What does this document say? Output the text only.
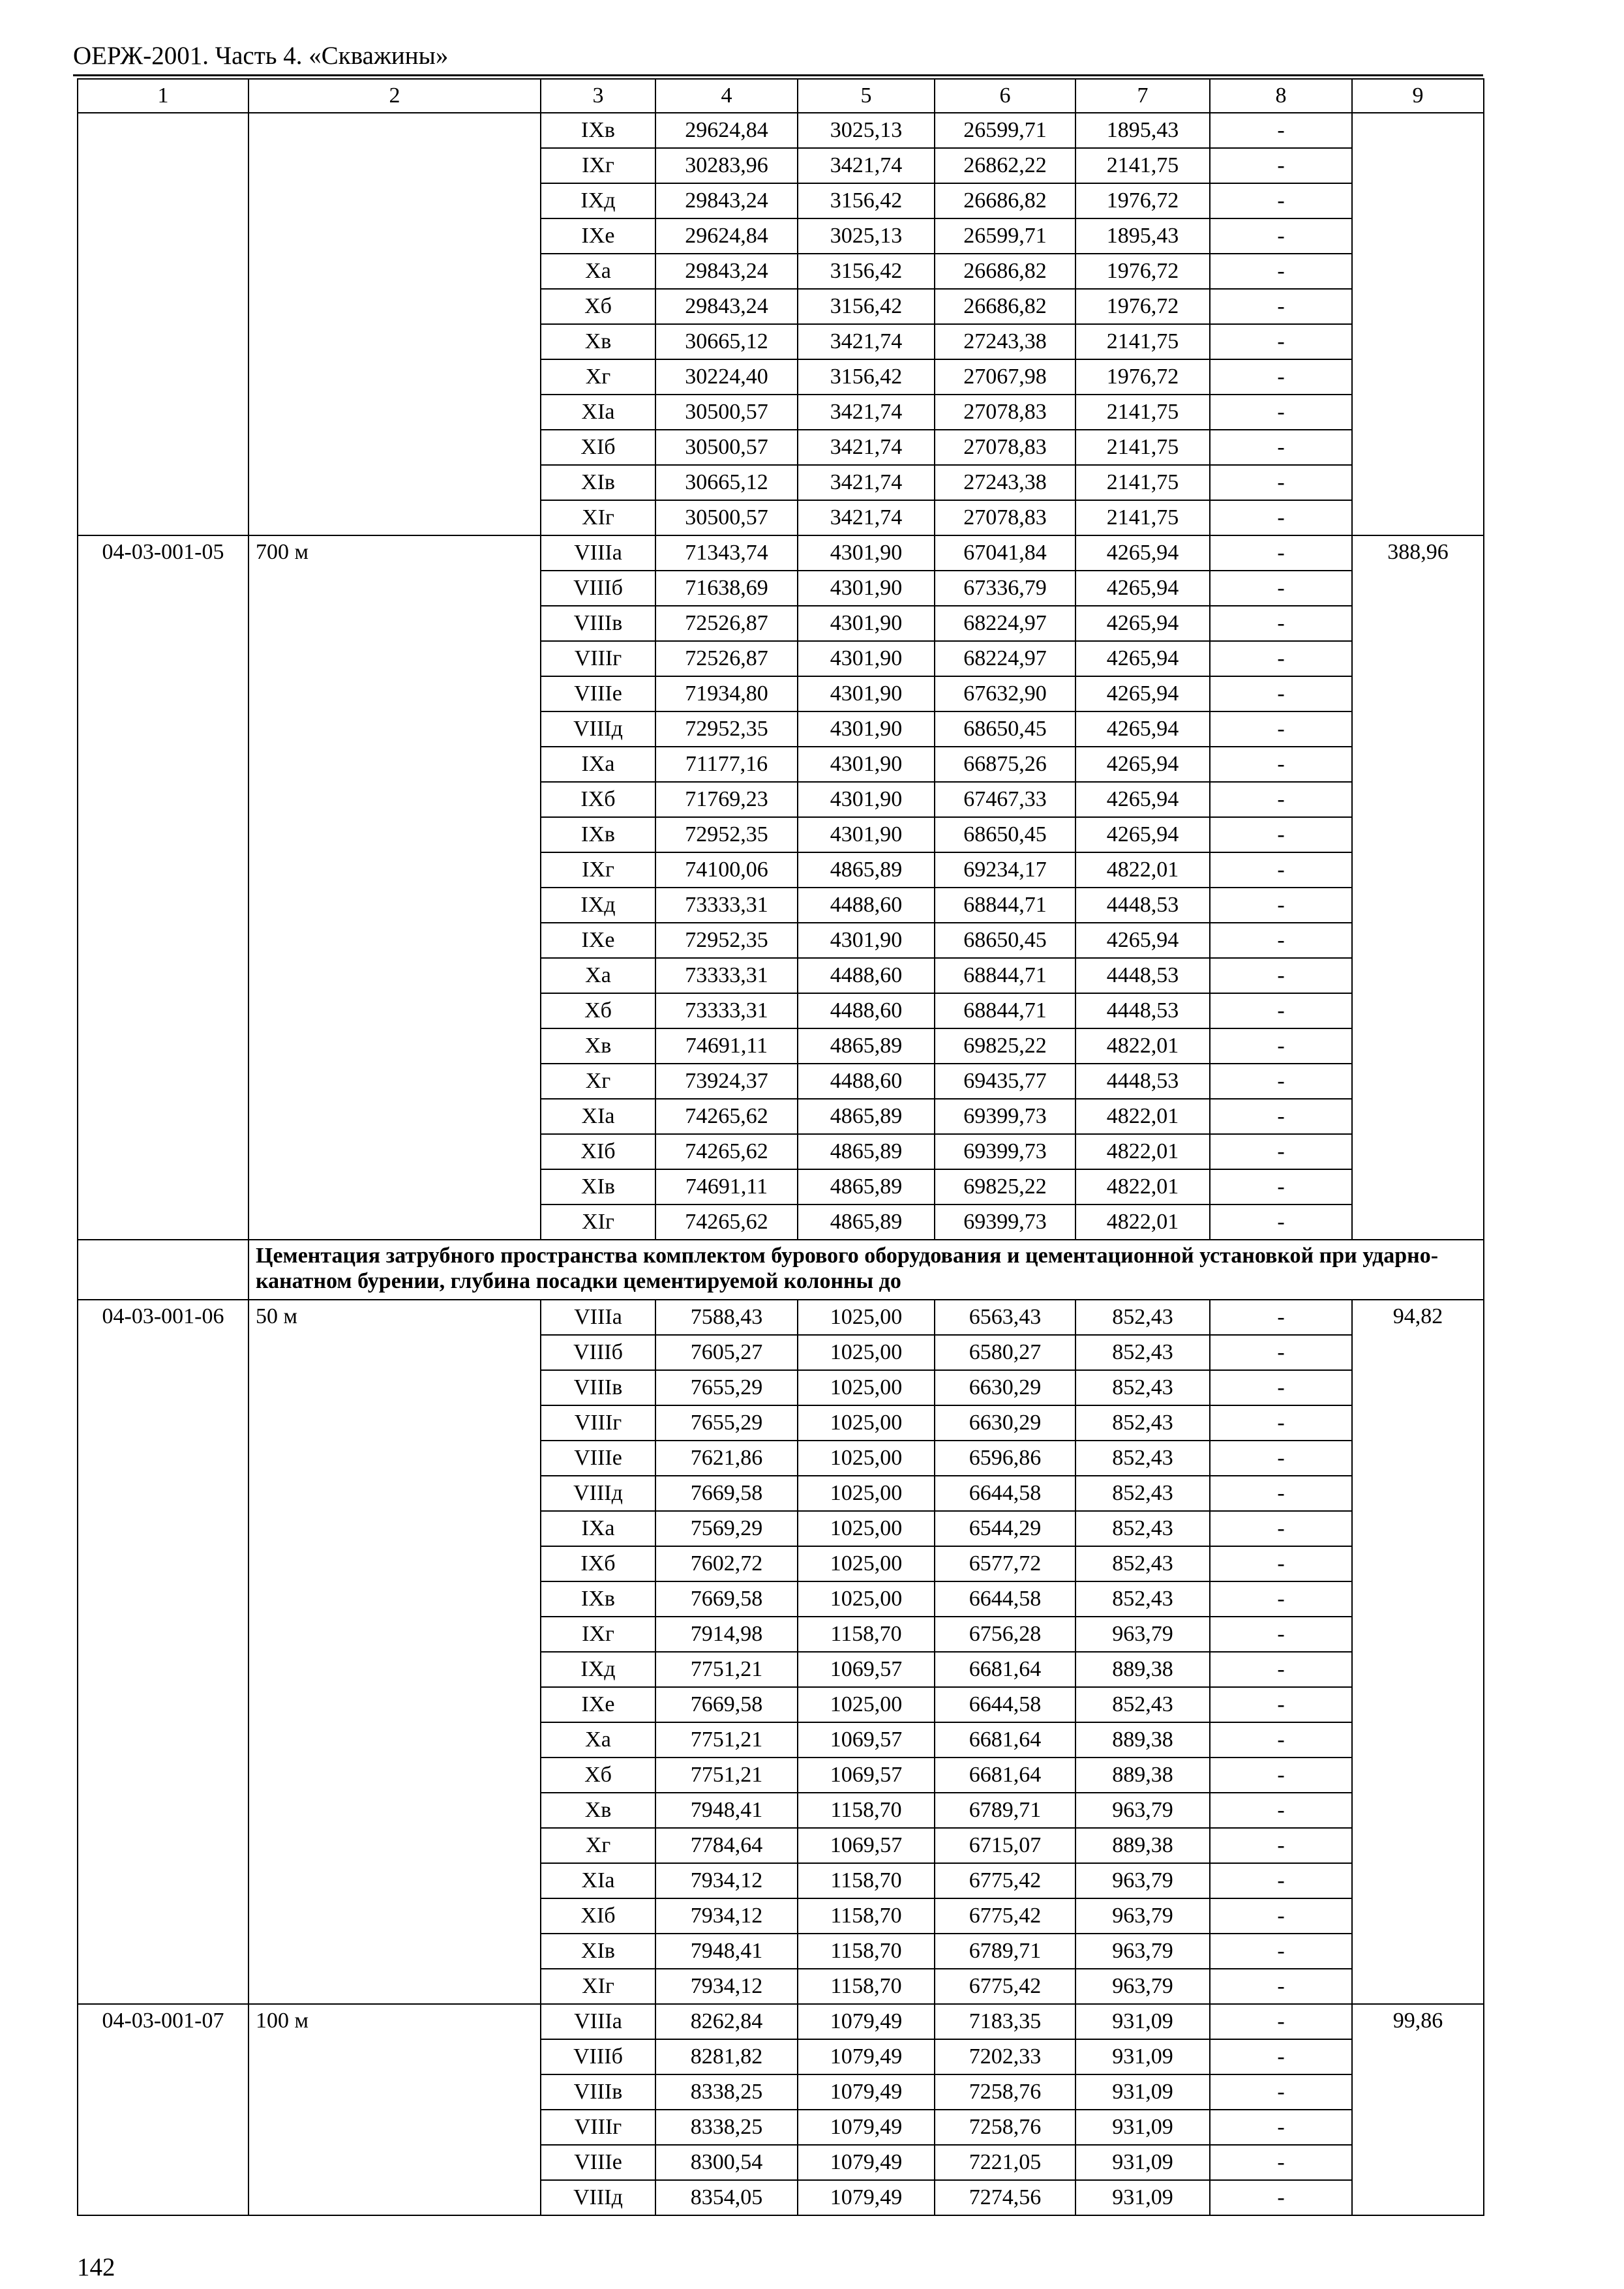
ОЕРЖ-2001. Часть 4. «Скважины»
1	2	3	4	5	6	7	8	9
		IXв	29624,84	3025,13	26599,71	1895,43	-	
		IXг	30283,96	3421,74	26862,22	2141,75	-	
		IXд	29843,24	3156,42	26686,82	1976,72	-	
		IXе	29624,84	3025,13	26599,71	1895,43	-	
		Xа	29843,24	3156,42	26686,82	1976,72	-	
		Xб	29843,24	3156,42	26686,82	1976,72	-	
		Xв	30665,12	3421,74	27243,38	2141,75	-	
		Xг	30224,40	3156,42	27067,98	1976,72	-	
		XIа	30500,57	3421,74	27078,83	2141,75	-	
		XIб	30500,57	3421,74	27078,83	2141,75	-	
		XIв	30665,12	3421,74	27243,38	2141,75	-	
		XIг	30500,57	3421,74	27078,83	2141,75	-	
04-03-001-05	700 м	VIIIа	71343,74	4301,90	67041,84	4265,94	-	388,96
		VIIIб	71638,69	4301,90	67336,79	4265,94	-	
		VIIIв	72526,87	4301,90	68224,97	4265,94	-	
		VIIIг	72526,87	4301,90	68224,97	4265,94	-	
		VIIIе	71934,80	4301,90	67632,90	4265,94	-	
		VIIIд	72952,35	4301,90	68650,45	4265,94	-	
		IXа	71177,16	4301,90	66875,26	4265,94	-	
		IXб	71769,23	4301,90	67467,33	4265,94	-	
		IXв	72952,35	4301,90	68650,45	4265,94	-	
		IXг	74100,06	4865,89	69234,17	4822,01	-	
		IXд	73333,31	4488,60	68844,71	4448,53	-	
		IXе	72952,35	4301,90	68650,45	4265,94	-	
		Xа	73333,31	4488,60	68844,71	4448,53	-	
		Xб	73333,31	4488,60	68844,71	4448,53	-	
		Xв	74691,11	4865,89	69825,22	4822,01	-	
		Xг	73924,37	4488,60	69435,77	4448,53	-	
		XIа	74265,62	4865,89	69399,73	4822,01	-	
		XIб	74265,62	4865,89	69399,73	4822,01	-	
		XIв	74691,11	4865,89	69825,22	4822,01	-	
		XIг	74265,62	4865,89	69399,73	4822,01	-	
	Цементация затрубного пространства комплектом бурового оборудования и цементационной установкой при ударно-канатном бурении, глубина посадки цементируемой колонны до							
04-03-001-06	50 м	VIIIа	7588,43	1025,00	6563,43	852,43	-	94,82
		VIIIб	7605,27	1025,00	6580,27	852,43	-	
		VIIIв	7655,29	1025,00	6630,29	852,43	-	
		VIIIг	7655,29	1025,00	6630,29	852,43	-	
		VIIIе	7621,86	1025,00	6596,86	852,43	-	
		VIIIд	7669,58	1025,00	6644,58	852,43	-	
		IXа	7569,29	1025,00	6544,29	852,43	-	
		IXб	7602,72	1025,00	6577,72	852,43	-	
		IXв	7669,58	1025,00	6644,58	852,43	-	
		IXг	7914,98	1158,70	6756,28	963,79	-	
		IXд	7751,21	1069,57	6681,64	889,38	-	
		IXе	7669,58	1025,00	6644,58	852,43	-	
		Xа	7751,21	1069,57	6681,64	889,38	-	
		Xб	7751,21	1069,57	6681,64	889,38	-	
		Xв	7948,41	1158,70	6789,71	963,79	-	
		Xг	7784,64	1069,57	6715,07	889,38	-	
		XIа	7934,12	1158,70	6775,42	963,79	-	
		XIб	7934,12	1158,70	6775,42	963,79	-	
		XIв	7948,41	1158,70	6789,71	963,79	-	
		XIг	7934,12	1158,70	6775,42	963,79	-	
04-03-001-07	100 м	VIIIа	8262,84	1079,49	7183,35	931,09	-	99,86
		VIIIб	8281,82	1079,49	7202,33	931,09	-	
		VIIIв	8338,25	1079,49	7258,76	931,09	-	
		VIIIг	8338,25	1079,49	7258,76	931,09	-	
		VIIIе	8300,54	1079,49	7221,05	931,09	-	
		VIIIд	8354,05	1079,49	7274,56	931,09	-	
142
